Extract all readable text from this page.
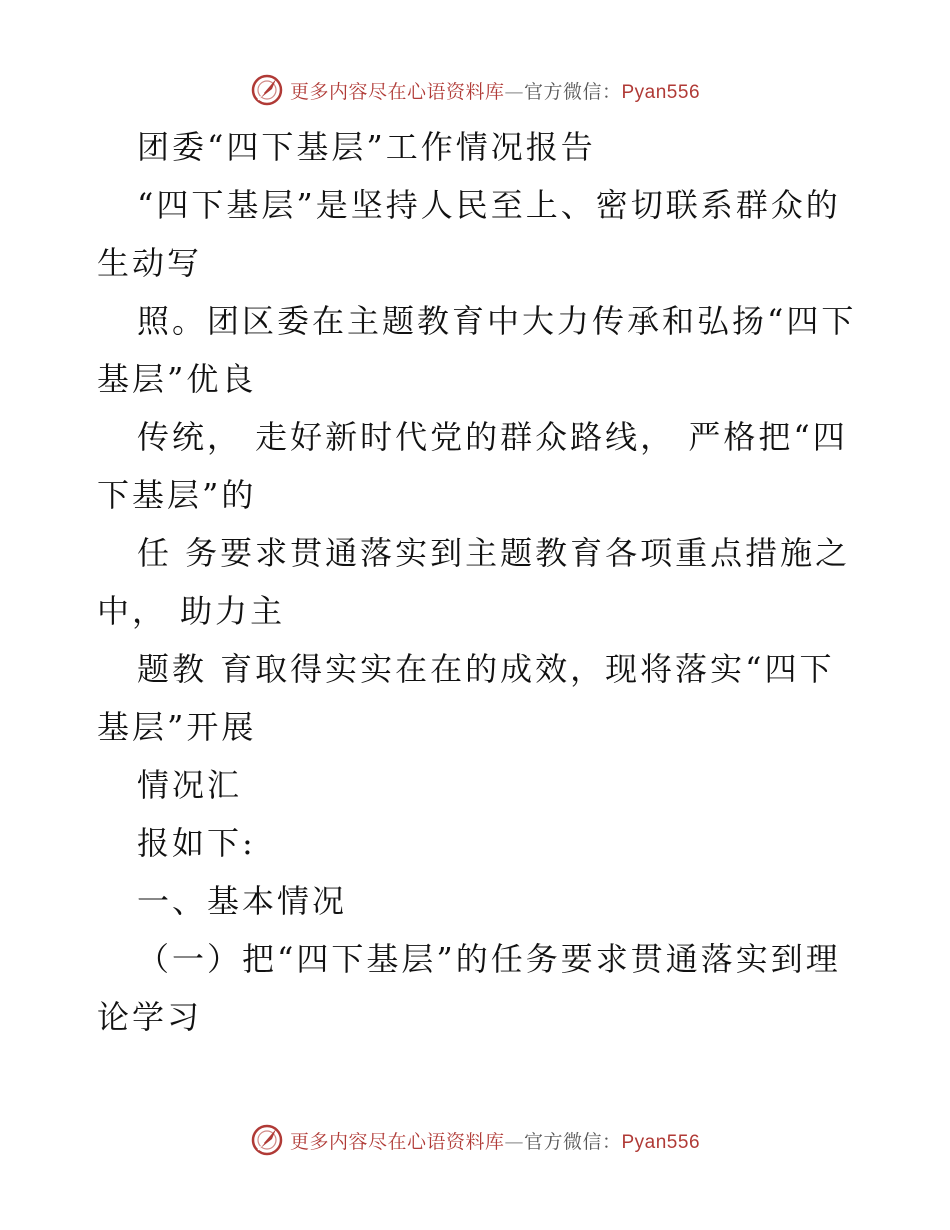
更多内容尽在心语资料库—官方微信：Pyan556
团委“四下基层”工作情况报告
“四下基层”是坚持人民至上、密切联系群众的
生动写
照。团区委在主题教育中大力传承和弘扬“四下
基层”优良
传统， 走好新时代党的群众路线， 严格把“四
下基层”的
任 务要求贯通落实到主题教育各项重点措施之
中， 助力主
题教 育取得实实在在的成效，现将落实“四下
基层”开展
情况汇
报如下:
一、基本情况
（一）把“四下基层”的任务要求贯通落实到理
论学习
更多内容尽在心语资料库—官方微信：Pyan556
